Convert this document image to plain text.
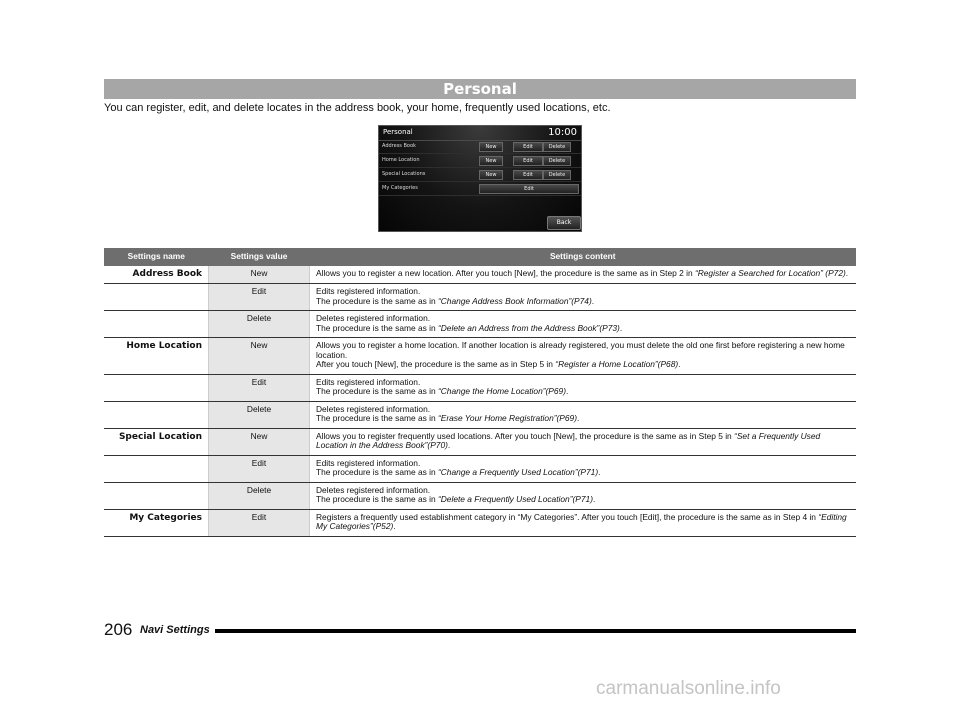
Personal
You can register, edit, and delete locates in the address book, your home, frequently used locations, etc.
Personal	10:00
Address Book	New	Edit	Delete
Home Location	New	Edit	Delete
Special Locations	New	Edit	Delete
My Categories	Edit
Back
Settings name	Settings value	Settings content
Address Book	New	Allows you to register a new location. After you touch [New], the procedure is the same as in Step 2 in “Register a Searched for Location” (P72).
	Edit	Edits registered information.
The procedure is the same as in “Change Address Book Information”(P74).
	Delete	Deletes registered information.
The procedure is the same as in “Delete an Address from the Address Book”(P73).
Home Location	New	Allows you to register a home location. If another location is already registered, you must delete the old one first before registering a new home location.
After you touch [New], the procedure is the same as in Step 5 in “Register a Home Location”(P68).
	Edit	Edits registered information.
The procedure is the same as in “Change the Home Location”(P69).
	Delete	Deletes registered information.
The procedure is the same as in “Erase Your Home Registration”(P69).
Special Location	New	Allows you to register frequently used locations. After you touch [New], the procedure is the same as in Step 5 in “Set a Frequently Used Location in the Address Book”(P70).
	Edit	Edits registered information.
The procedure is the same as in “Change a Frequently Used Location”(P71).
	Delete	Deletes registered information.
The procedure is the same as in “Delete a Frequently Used Location”(P71).
My Categories	Edit	Registers a frequently used establishment category in “My Categories”. After you touch [Edit], the procedure is the same as in Step 4 in “Editing My Categories”(P52).
206 Navi Settings
carmanualsonline.info
